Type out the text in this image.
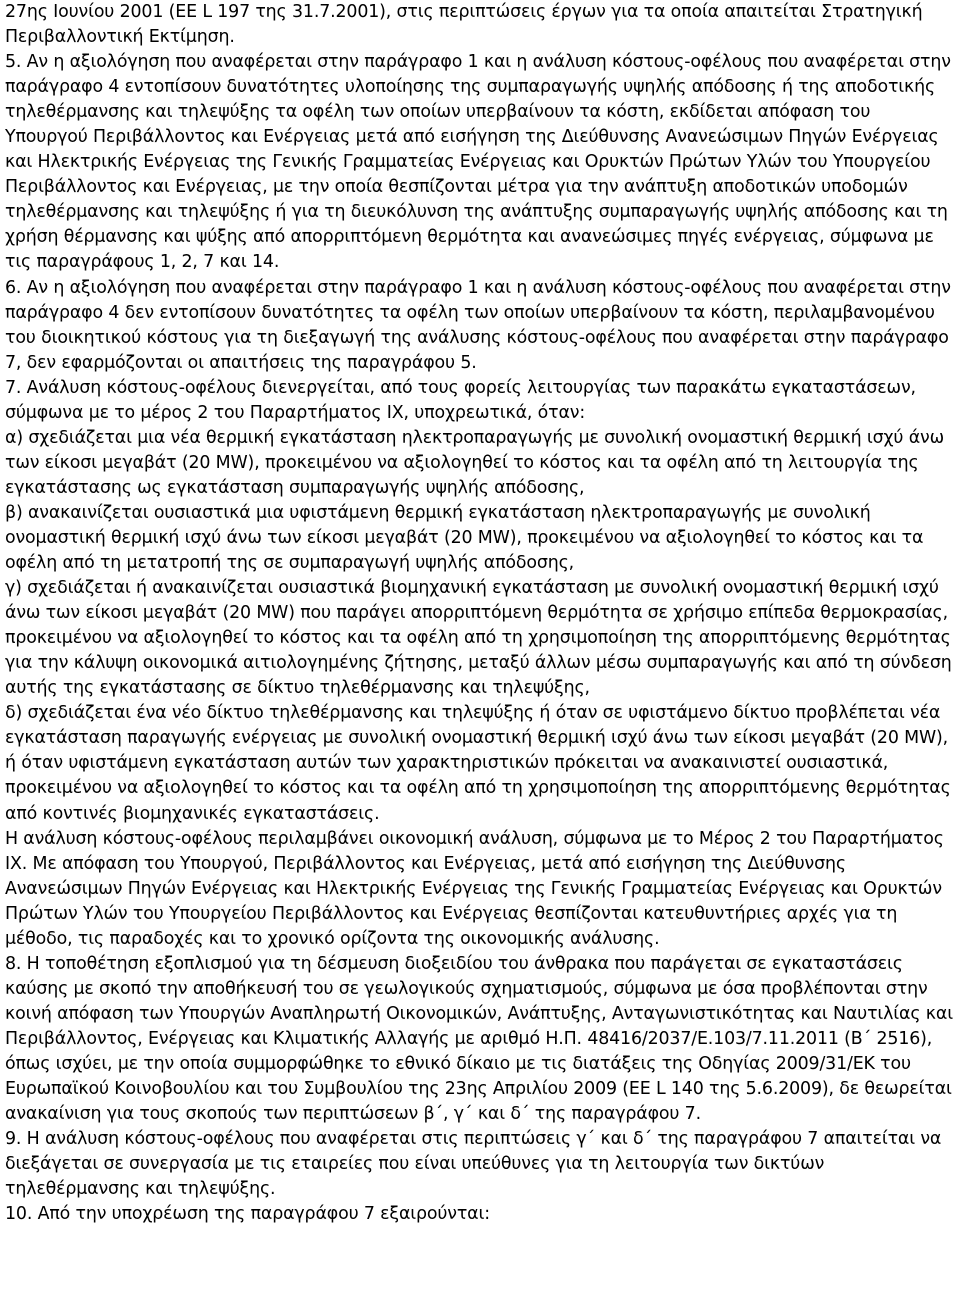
27ης Ιουνίου 2001 (ΕΕ L 197 της 31.7.2001), στις περιπτώσεις έργων για τα οποία απαιτείται Στρατηγική Περιβαλλοντική Εκτίμηση.

5. Αν η αξιολόγηση που αναφέρεται στην παράγραφο 1 και η ανάλυση κόστους-οφέλους που αναφέρεται στην παράγραφο 4 εντοπίσουν δυνατότητες υλοποίησης της συμπαραγωγής υψηλής απόδοσης ή της αποδοτικής τηλεθέρμανσης και τηλεψύξης τα οφέλη των οποίων υπερβαίνουν τα κόστη, εκδίδεται απόφαση του Υπουργού Περιβάλλοντος και Ενέργειας μετά από εισήγηση της Διεύθυνσης Ανανεώσιμων Πηγών Ενέργειας και Ηλεκτρικής Ενέργειας της Γενικής Γραμματείας Ενέργειας και Ορυκτών Πρώτων Υλών του Υπουργείου Περιβάλλοντος και Ενέργειας, με την οποία θεσπίζονται μέτρα για την ανάπτυξη αποδοτικών υποδομών τηλεθέρμανσης και τηλεψύξης ή για τη διευκόλυνση της ανάπτυξης συμπαραγωγής υψηλής απόδοσης και τη χρήση θέρμανσης και ψύξης από απορριπτόμενη θερμότητα και ανανεώσιμες πηγές ενέργειας, σύμφωνα με τις παραγράφους 1, 2, 7 και 14.

6. Αν η αξιολόγηση που αναφέρεται στην παράγραφο 1 και η ανάλυση κόστους-οφέλους που αναφέρεται στην παράγραφο 4 δεν εντοπίσουν δυνατότητες τα οφέλη των οποίων υπερβαίνουν τα κόστη, περιλαμβανομένου του διοικητικού κόστους για τη διεξαγωγή της ανάλυσης κόστους-οφέλους που αναφέρεται στην παράγραφο 7, δεν εφαρμόζονται οι απαιτήσεις της παραγράφου 5.

7. Ανάλυση κόστους-οφέλους διενεργείται, από τους φορείς λειτουργίας των παρακάτω εγκαταστάσεων, σύμφωνα με το μέρος 2 του Παραρτήματος ΙΧ, υποχρεωτικά, όταν:

α) σχεδιάζεται μια νέα θερμική εγκατάσταση ηλεκτροπαραγωγής με συνολική ονομαστική θερμική ισχύ άνω των είκοσι μεγαβάτ (20 MW), προκειμένου να αξιολογηθεί το κόστος και τα οφέλη από τη λειτουργία της εγκατάστασης ως εγκατάσταση συμπαραγωγής υψηλής απόδοσης,

β) ανακαινίζεται ουσιαστικά μια υφιστάμενη θερμική εγκατάσταση ηλεκτροπαραγωγής με συνολική ονομαστική θερμική ισχύ άνω των είκοσι μεγαβάτ (20 MW), προκειμένου να αξιολογηθεί το κόστος και τα οφέλη από τη μετατροπή της σε συμπαραγωγή υψηλής απόδοσης,

γ) σχεδιάζεται ή ανακαινίζεται ουσιαστικά βιομηχανική εγκατάσταση με συνολική ονομαστική θερμική ισχύ άνω των είκοσι μεγαβάτ (20 MW) που παράγει απορριπτόμενη θερμότητα σε χρήσιμο επίπεδα θερμοκρασίας, προκειμένου να αξιολογηθεί το κόστος και τα οφέλη από τη χρησιμοποίηση της απορριπτόμενης θερμότητας για την κάλυψη οικονομικά αιτιολογημένης ζήτησης, μεταξύ άλλων μέσω συμπαραγωγής και από τη σύνδεση αυτής της εγκατάστασης σε δίκτυο τηλεθέρμανσης και τηλεψύξης,

δ) σχεδιάζεται ένα νέο δίκτυο τηλεθέρμανσης και τηλεψύξης ή όταν σε υφιστάμενο δίκτυο προβλέπεται νέα εγκατάσταση παραγωγής ενέργειας με συνολική ονομαστική θερμική ισχύ άνω των είκοσι μεγαβάτ (20 MW), ή όταν υφιστάμενη εγκατάσταση αυτών των χαρακτηριστικών πρόκειται να ανακαινιστεί ουσιαστικά, προκειμένου να αξιολογηθεί το κόστος και τα οφέλη από τη χρησιμοποίηση της απορριπτόμενης θερμότητας από κοντινές βιομηχανικές εγκαταστάσεις.

Η ανάλυση κόστους-οφέλους περιλαμβάνει οικονομική ανάλυση, σύμφωνα με το Μέρος 2 του Παραρτήματος ΙΧ. Με απόφαση του Υπουργού, Περιβάλλοντος και Ενέργειας, μετά από εισήγηση της Διεύθυνσης Ανανεώσιμων Πηγών Ενέργειας και Ηλεκτρικής Ενέργειας της Γενικής Γραμματείας Ενέργειας και Ορυκτών Πρώτων Υλών του Υπουργείου Περιβάλλοντος και Ενέργειας θεσπίζονται κατευθυντήριες αρχές για τη μέθοδο, τις παραδοχές και το χρονικό ορίζοντα της οικονομικής ανάλυσης.

8. Η τοποθέτηση εξοπλισμού για τη δέσμευση διοξειδίου του άνθρακα που παράγεται σε εγκαταστάσεις καύσης με σκοπό την αποθήκευσή του σε γεωλογικούς σχηματισμούς, σύμφωνα με όσα προβλέπονται στην κοινή απόφαση των Υπουργών Αναπληρωτή Οικονομικών, Ανάπτυξης, Ανταγωνιστικότητας και Ναυτιλίας και Περιβάλλοντος, Ενέργειας και Κλιματικής Αλλαγής με αριθμό Η.Π. 48416/2037/Ε.103/7.11.2011 (Β΄ 2516), όπως ισχύει, με την οποία συμμορφώθηκε το εθνικό δίκαιο με τις διατάξεις της Οδηγίας 2009/31/ΕΚ του Ευρωπαϊκού Κοινοβουλίου και του Συμβουλίου της 23ης Απριλίου 2009 (ΕΕ L 140 της 5.6.2009), δε θεωρείται ανακαίνιση για τους σκοπούς των περιπτώσεων β΄, γ΄ και δ΄ της παραγράφου 7.

9. Η ανάλυση κόστους-οφέλους που αναφέρεται στις περιπτώσεις γ΄ και δ΄ της παραγράφου 7 απαιτείται να διεξάγεται σε συνεργασία με τις εταιρείες που είναι υπεύθυνες για τη λειτουργία των δικτύων τηλεθέρμανσης και τηλεψύξης.

10. Από την υποχρέωση της παραγράφου 7 εξαιρούνται:
